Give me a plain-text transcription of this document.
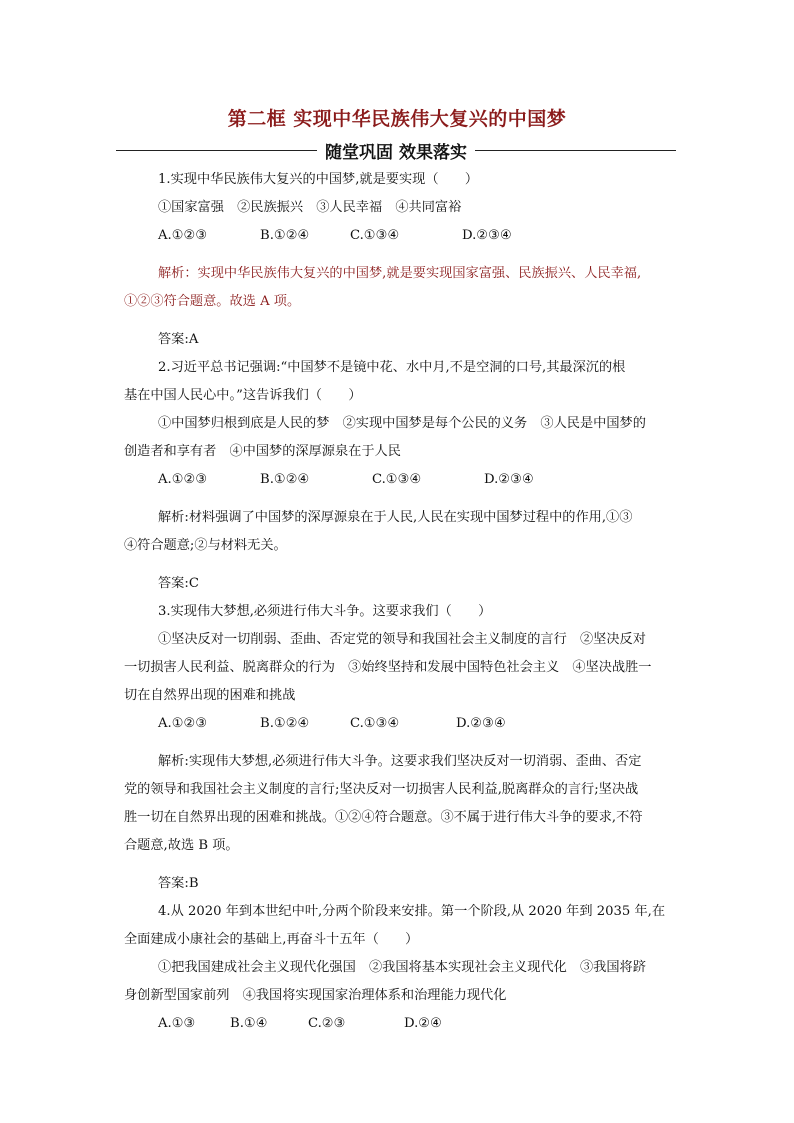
第二框 实现中华民族伟大复兴的中国梦
随堂巩固 效果落实
1.实现中华民族伟大复兴的中国梦,就是要实现（　　）
①国家富强　②民族振兴　③人民幸福　④共同富裕
A.①②③	B.①②④	C.①③④	D.②③④
解析：实现中华民族伟大复兴的中国梦,就是要实现国家富强、民族振兴、人民幸福,
①②③符合题意。故选 A 项。
答案:A
2.习近平总书记强调:“中国梦不是镜中花、水中月,不是空洞的口号,其最深沉的根
基在中国人民心中。”这告诉我们（　　）
①中国梦归根到底是人民的梦　②实现中国梦是每个公民的义务　③人民是中国梦的
创造者和享有者　④中国梦的深厚源泉在于人民
A.①②③	B.①②④	C.①③④	D.②③④
解析:材料强调了中国梦的深厚源泉在于人民,人民在实现中国梦过程中的作用,①③
④符合题意;②与材料无关。
答案:C
3.实现伟大梦想,必须进行伟大斗争。这要求我们（　　）
①坚决反对一切削弱、歪曲、否定党的领导和我国社会主义制度的言行　②坚决反对
一切损害人民利益、脱离群众的行为　③始终坚持和发展中国特色社会主义　④坚决战胜一
切在自然界出现的困难和挑战
A.①②③	B.①②④	C.①③④	D.②③④
解析:实现伟大梦想,必须进行伟大斗争。这要求我们坚决反对一切消弱、歪曲、否定
党的领导和我国社会主义制度的言行;坚决反对一切损害人民利益,脱离群众的言行;坚决战
胜一切在自然界出现的困难和挑战。①②④符合题意。③不属于进行伟大斗争的要求,不符
合题意,故选 B 项。
答案:B
4.从 2020 年到本世纪中叶,分两个阶段来安排。第一个阶段,从 2020 年到 2035 年,在
全面建成小康社会的基础上,再奋斗十五年（　　）
①把我国建成社会主义现代化强国　②我国将基本实现社会主义现代化　③我国将跻
身创新型国家前列　④我国将实现国家治理体系和治理能力现代化
A.①③	B.①④	C.②③	D.②④
